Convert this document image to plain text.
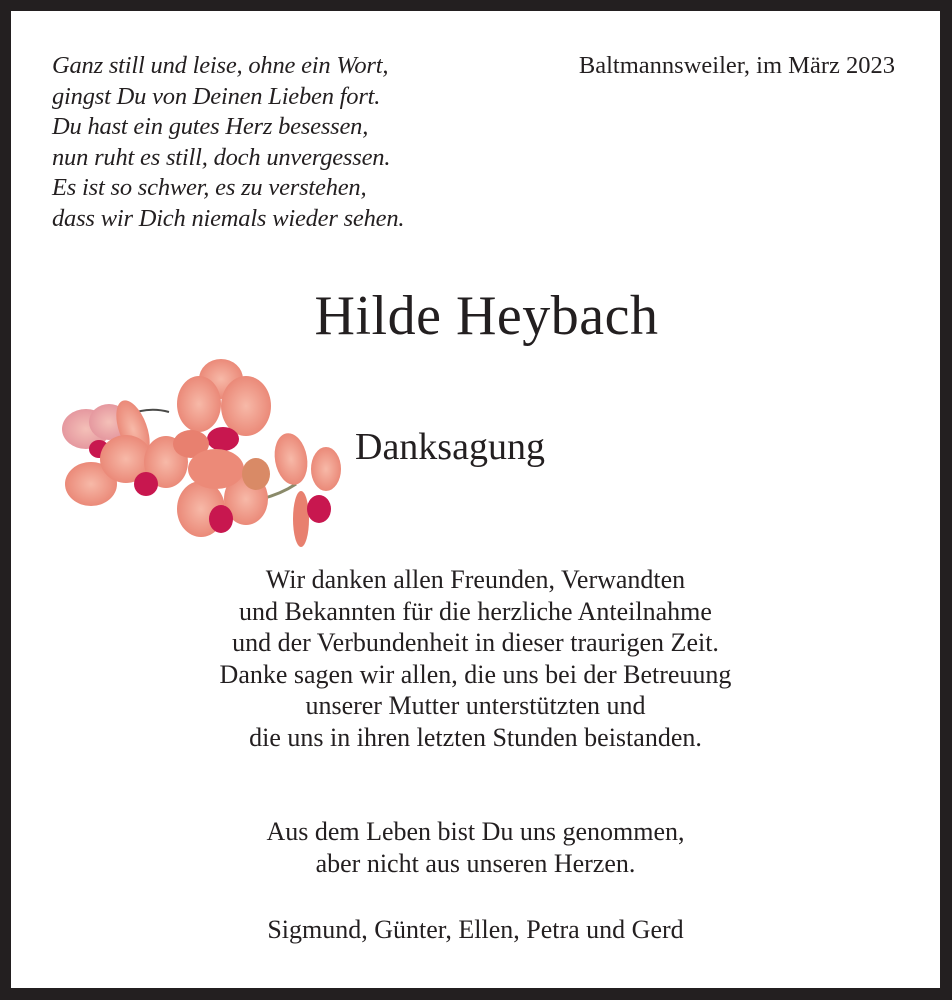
Ganz still und leise, ohne ein Wort,
gingst Du von Deinen Lieben fort.
Du hast ein gutes Herz besessen,
nun ruht es still, doch unvergessen.
Es ist so schwer, es zu verstehen,
dass wir Dich niemals wieder sehen.
Baltmannsweiler, im März 2023
Hilde Heybach
Danksagung
Wir danken allen Freunden, Verwandten
und Bekannten für die herzliche Anteilnahme
und der Verbundenheit in dieser traurigen Zeit.
Danke sagen wir allen, die uns bei der Betreuung
unserer Mutter unterstützten und
die uns in ihren letzten Stunden beistanden.
Aus dem Leben bist Du uns genommen,
aber nicht aus unseren Herzen.
Sigmund, Günter, Ellen, Petra und Gerd
